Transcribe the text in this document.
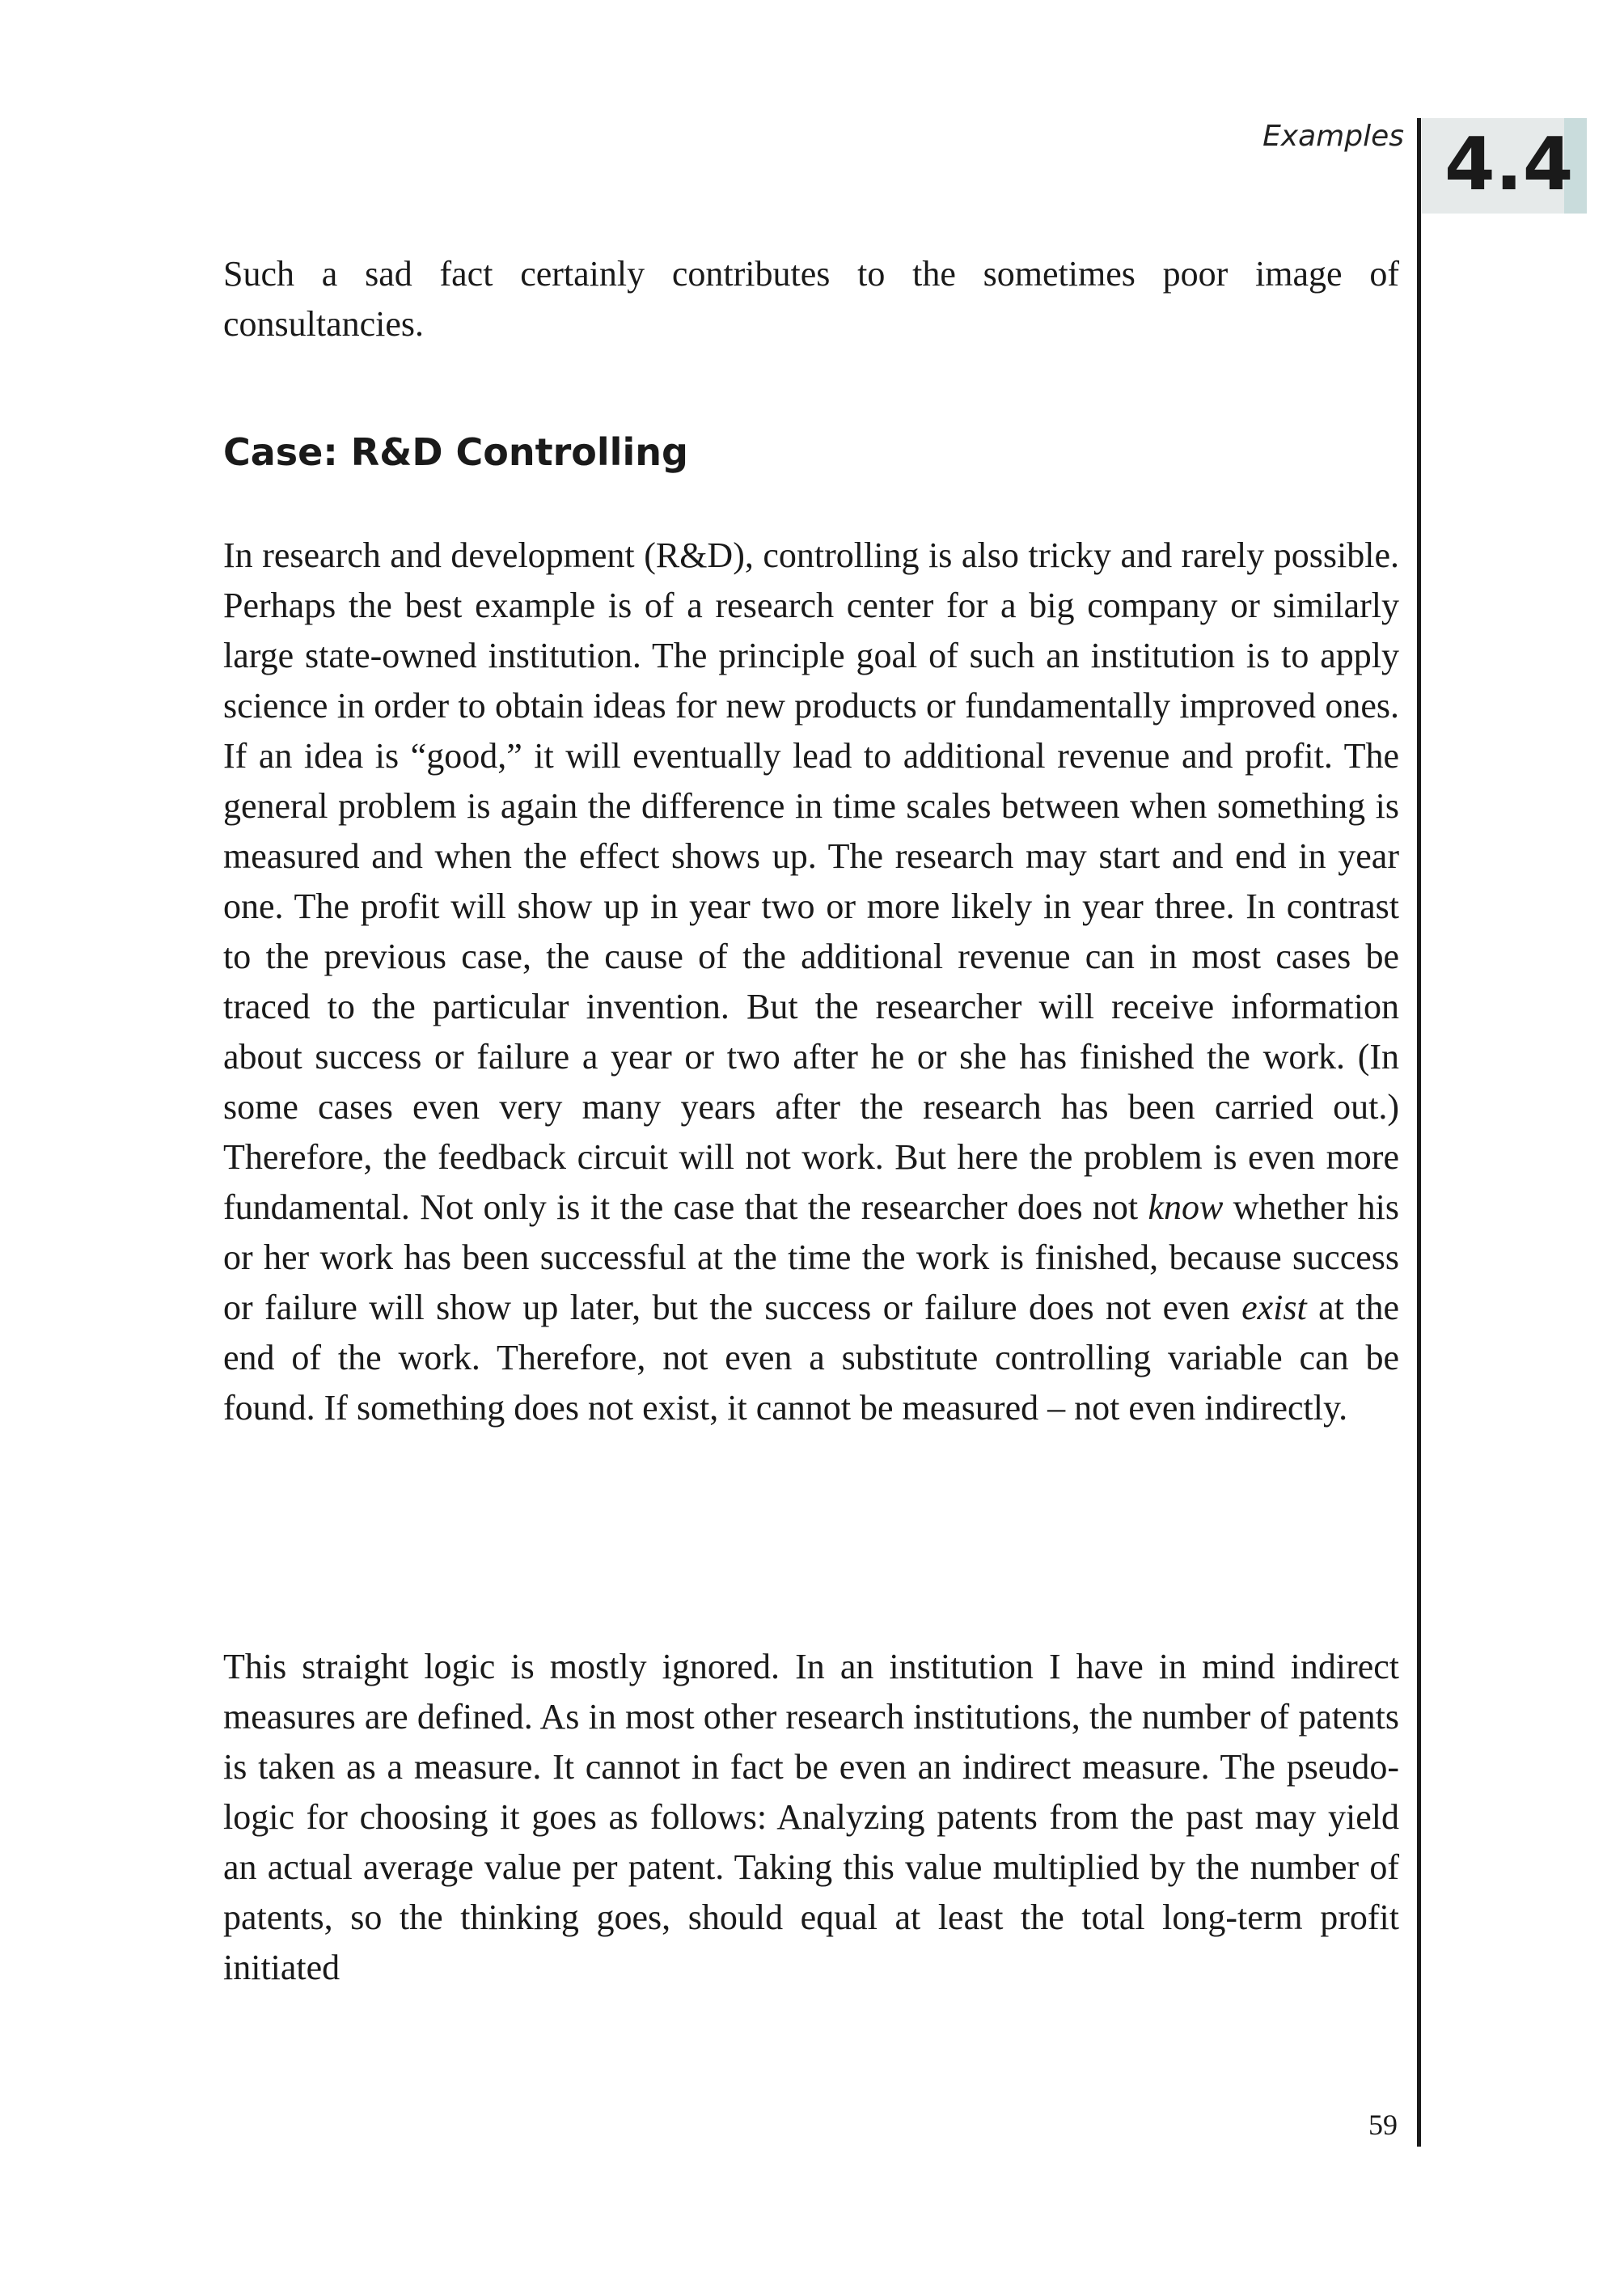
Examples 4.4

Such a sad fact certainly contributes to the sometimes poor image of consultancies.

Case: R&D Controlling

In research and development (R&D), controlling is also tricky and rarely possible. Perhaps the best example is of a research center for a big company or similarly large state-owned institution. The principle goal of such an institution is to apply science in order to obtain ideas for new products or fundamentally improved ones. If an idea is “good,” it will eventually lead to additional revenue and profit. The general problem is again the difference in time scales between when something is measured and when the effect shows up. The research may start and end in year one. The profit will show up in year two or more likely in year three. In contrast to the previous case, the cause of the additional revenue can in most cases be traced to the particular invention. But the researcher will receive information about success or failure a year or two after he or she has finished the work. (In some cases even very many years after the research has been carried out.) Therefore, the feedback circuit will not work. But here the problem is even more fundamental. Not only is it the case that the researcher does not know whether his or her work has been successful at the time the work is finished, because success or failure will show up later, but the success or failure does not even exist at the end of the work. Therefore, not even a substitute controlling variable can be found. If something does not exist, it cannot be measured – not even indirectly.

This straight logic is mostly ignored. In an institution I have in mind indirect measures are defined. As in most other research institutions, the number of patents is taken as a measure. It cannot in fact be even an indirect measure. The pseudo-logic for choosing it goes as follows: Analyzing patents from the past may yield an actual average value per patent. Taking this value multiplied by the number of patents, so the thinking goes, should equal at least the total long-term profit initiated

59
